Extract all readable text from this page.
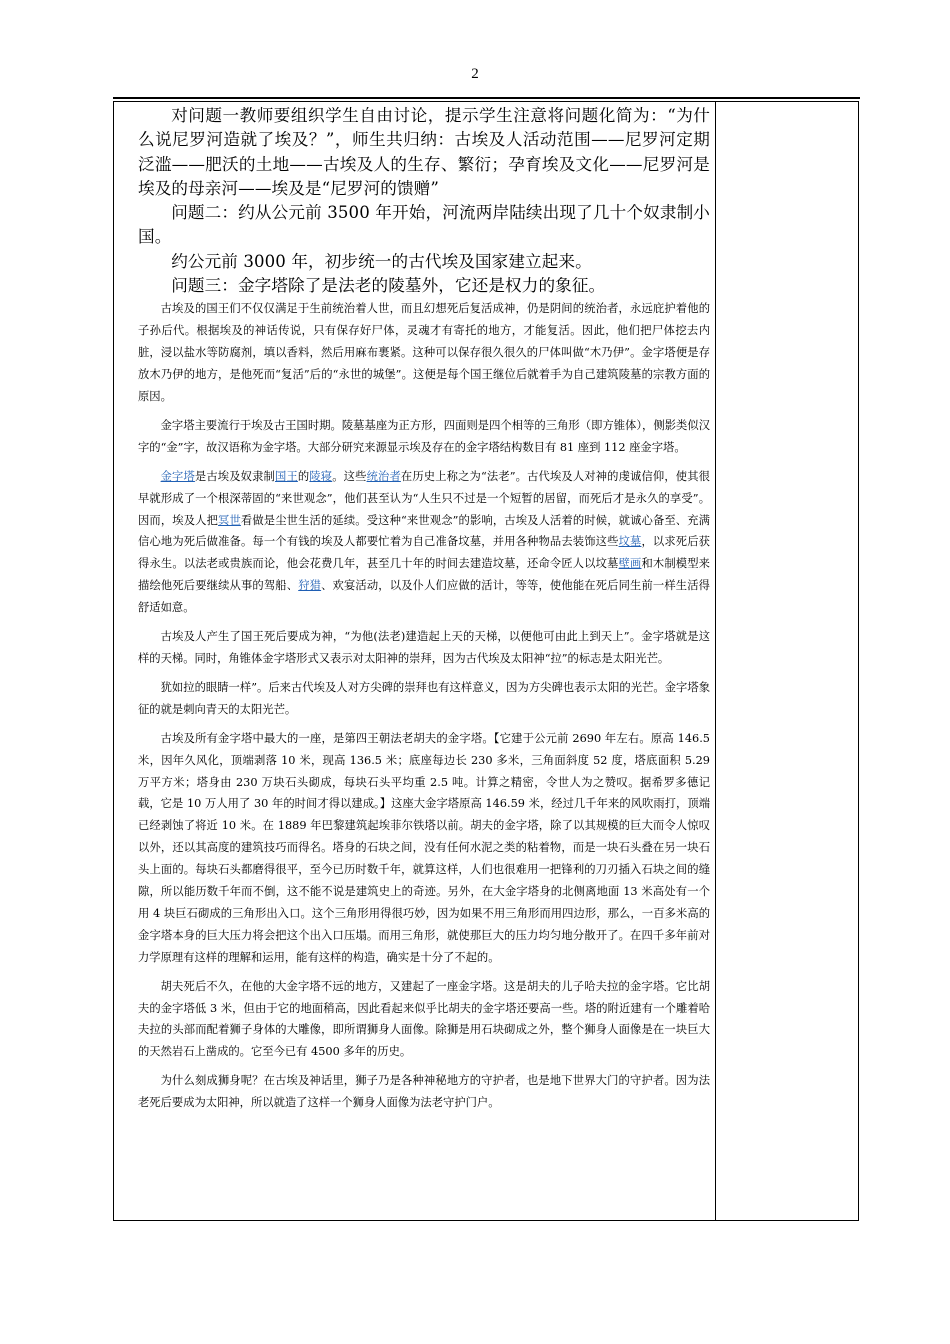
2

对问题一教师要组织学生自由讨论，提示学生注意将问题化简为：“为什么说尼罗河造就了埃及？”，师生共归纳：古埃及人活动范围——尼罗河定期泛滥——肥沃的土地——古埃及人的生存、繁衍；孕育埃及文化——尼罗河是埃及的母亲河——埃及是“尼罗河的馈赠”

问题二：约从公元前 3500 年开始，河流两岸陆续出现了几十个奴隶制小国。

约公元前 3000 年，初步统一的古代埃及国家建立起来。

问题三：金字塔除了是法老的陵墓外，它还是权力的象征。

古埃及的国王们不仅仅满足于生前统治着人世，而且幻想死后复活成神，仍是阴间的统治者，永远庇护着他的子孙后代。根据埃及的神话传说，只有保存好尸体，灵魂才有寄托的地方，才能复活。因此，他们把尸体挖去内脏，浸以盐水等防腐剂，填以香料，然后用麻布裹紧。这种可以保存很久很久的尸体叫做“木乃伊”。金字塔便是存放木乃伊的地方，是他死而“复活”后的“永世的城堡”。这便是每个国王继位后就着手为自己建筑陵墓的宗教方面的原因。

金字塔主要流行于埃及古王国时期。陵墓基座为正方形，四面则是四个相等的三角形（即方锥体），侧影类似汉字的“金”字，故汉语称为金字塔。大部分研究来源显示埃及存在的金字塔结构数目有 81 座到 112 座金字塔。

金字塔是古埃及奴隶制国王的陵寝。这些统治者在历史上称之为“法老”。古代埃及人对神的虔诚信仰，使其很早就形成了一个根深蒂固的“来世观念”，他们甚至认为“人生只不过是一个短暂的居留，而死后才是永久的享受”。因而，埃及人把冥世看做是尘世生活的延续。受这种“来世观念”的影响，古埃及人活着的时候，就诚心备至、充满信心地为死后做准备。每一个有钱的埃及人都要忙着为自己准备坟墓，并用各种物品去装饰这些坟墓，以求死后获得永生。以法老或贵族而论，他会花费几年，甚至几十年的时间去建造坟墓，还命令匠人以坟墓壁画和木制模型来描绘他死后要继续从事的驾船、狩猎、欢宴活动，以及仆人们应做的活计，等等，使他能在死后同生前一样生活得舒适如意。

古埃及人产生了国王死后要成为神，“为他(法老)建造起上天的天梯，以便他可由此上到天上”。金字塔就是这样的天梯。同时，角锥体金字塔形式又表示对太阳神的崇拜，因为古代埃及太阳神“拉”的标志是太阳光芒。

犹如拉的眼睛一样”。后来古代埃及人对方尖碑的崇拜也有这样意义，因为方尖碑也表示太阳的光芒。金字塔象征的就是刺向青天的太阳光芒。

古埃及所有金字塔中最大的一座，是第四王朝法老胡夫的金字塔。【它建于公元前 2690 年左右。原高 146.5 米，因年久风化，顶端剥落 10 米，现高 136.5 米；底座每边长 230 多米，三角面斜度 52 度，塔底面积 5.29 万平方米；塔身由 230 万块石头砌成，每块石头平均重 2.5 吨。计算之精密，令世人为之赞叹。据希罗多德记载，它是 10 万人用了 30 年的时间才得以建成。】这座大金字塔原高 146.59 米，经过几千年来的风吹雨打，顶端已经剥蚀了将近 10 米。在 1889 年巴黎建筑起埃菲尔铁塔以前。胡夫的金字塔，除了以其规模的巨大而令人惊叹以外，还以其高度的建筑技巧而得名。塔身的石块之间，没有任何水泥之类的粘着物，而是一块石头叠在另一块石头上面的。每块石头都磨得很平，至今已历时数千年，就算这样，人们也很难用一把锋利的刀刃插入石块之间的缝隙，所以能历数千年而不倒，这不能不说是建筑史上的奇迹。另外，在大金字塔身的北侧离地面 13 米高处有一个用 4 块巨石砌成的三角形出入口。这个三角形用得很巧妙，因为如果不用三角形而用四边形，那么，一百多米高的金字塔本身的巨大压力将会把这个出入口压塌。而用三角形，就使那巨大的压力均匀地分散开了。在四千多年前对力学原理有这样的理解和运用，能有这样的构造，确实是十分了不起的。

胡夫死后不久，在他的大金字塔不远的地方，又建起了一座金字塔。这是胡夫的儿子哈夫拉的金字塔。它比胡夫的金字塔低 3 米，但由于它的地面稍高，因此看起来似乎比胡夫的金字塔还要高一些。塔的附近建有一个雕着哈夫拉的头部而配着狮子身体的大雕像，即所谓狮身人面像。除狮是用石块砌成之外，整个狮身人面像是在一块巨大的天然岩石上凿成的。它至今已有 4500 多年的历史。

为什么刻成狮身呢？在古埃及神话里，狮子乃是各种神秘地方的守护者，也是地下世界大门的守护者。因为法老死后要成为太阳神，所以就造了这样一个狮身人面像为法老守护门户。
